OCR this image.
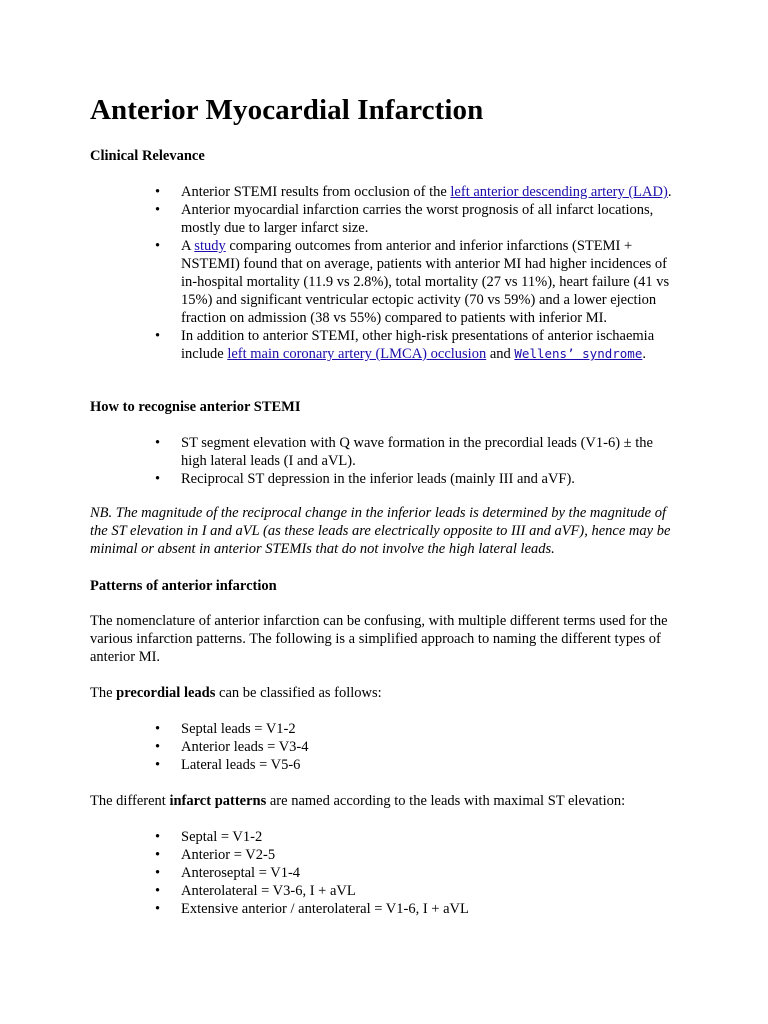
Anterior Myocardial Infarction
Clinical Relevance
• Anterior STEMI results from occlusion of the left anterior descending artery (LAD).
• Anterior myocardial infarction carries the worst prognosis of all infarct locations, mostly due to larger infarct size.
• A study comparing outcomes from anterior and inferior infarctions (STEMI + NSTEMI) found that on average, patients with anterior MI had higher incidences of in-hospital mortality (11.9 vs 2.8%), total mortality (27 vs 11%), heart failure (41 vs 15%) and significant ventricular ectopic activity (70 vs 59%) and a lower ejection fraction on admission (38 vs 55%) compared to patients with inferior MI.
• In addition to anterior STEMI, other high-risk presentations of anterior ischaemia include left main coronary artery (LMCA) occlusion and Wellens’ syndrome.
How to recognise anterior STEMI
• ST segment elevation with Q wave formation in the precordial leads (V1-6) ± the high lateral leads (I and aVL).
• Reciprocal ST depression in the inferior leads (mainly III and aVF).

NB. The magnitude of the reciprocal change in the inferior leads is determined by the magnitude of the ST elevation in I and aVL (as these leads are electrically opposite to III and aVF), hence may be minimal or absent in anterior STEMIs that do not involve the high lateral leads.

Patterns of anterior infarction

The nomenclature of anterior infarction can be confusing, with multiple different terms used for the various infarction patterns. The following is a simplified approach to naming the different types of anterior MI.

The precordial leads can be classified as follows:

• Septal leads = V1-2
• Anterior leads = V3-4
• Lateral leads = V5-6

The different infarct patterns are named according to the leads with maximal ST elevation:

• Septal = V1-2
• Anterior = V2-5
• Anteroseptal = V1-4
• Anterolateral = V3-6, I + aVL
• Extensive anterior / anterolateral = V1-6, I + aVL
